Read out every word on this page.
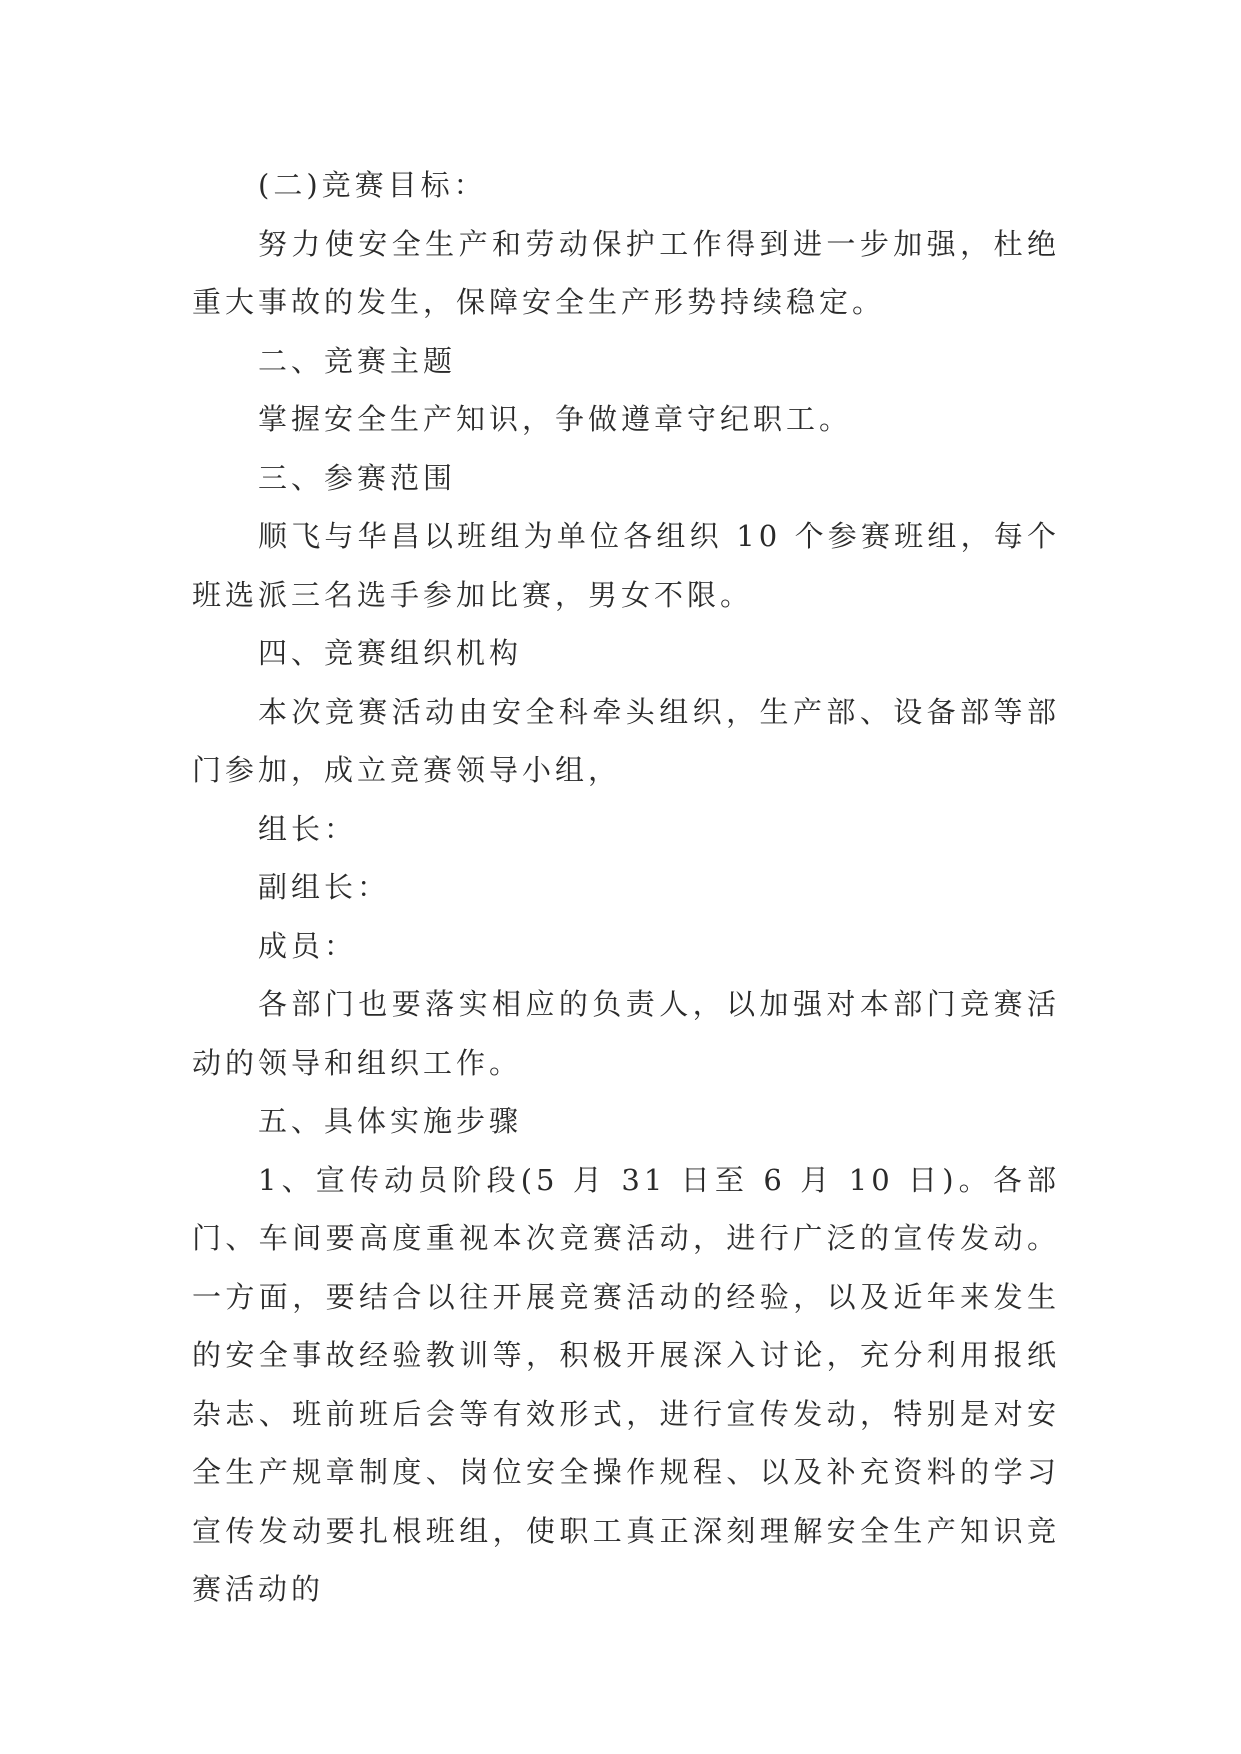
(二)竞赛目标：

努力使安全生产和劳动保护工作得到进一步加强，杜绝重大事故的发生，保障安全生产形势持续稳定。

二、竞赛主题

掌握安全生产知识，争做遵章守纪职工。

三、参赛范围

顺飞与华昌以班组为单位各组织 10 个参赛班组，每个班选派三名选手参加比赛，男女不限。

四、竞赛组织机构

本次竞赛活动由安全科牵头组织，生产部、设备部等部门参加，成立竞赛领导小组，

组长：

副组长：

成员：

各部门也要落实相应的负责人，以加强对本部门竞赛活动的领导和组织工作。

五、具体实施步骤

1、宣传动员阶段(5 月 31 日至 6 月 10 日)。各部门、车间要高度重视本次竞赛活动，进行广泛的宣传发动。一方面，要结合以往开展竞赛活动的经验，以及近年来发生的安全事故经验教训等，积极开展深入讨论，充分利用报纸杂志、班前班后会等有效形式，进行宣传发动，特别是对安全生产规章制度、岗位安全操作规程、以及补充资料的学习宣传发动要扎根班组，使职工真正深刻理解安全生产知识竞赛活动的
